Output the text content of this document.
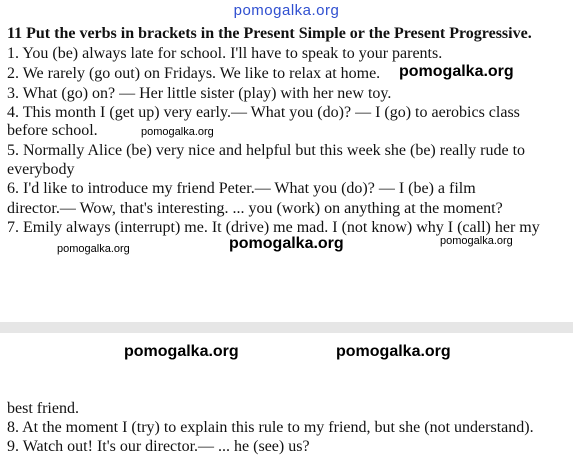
pomogalka.org
11 Put the verbs in brackets in the Present Simple or the Present Progressive.
1. You (be) always late for school. I'll have to speak to your parents.
2. We rarely (go out) on Fridays. We like to relax at home.
3. What (go) on? — Her little sister (play) with her new toy.
4. This month I (get up) very early.— What you (do)? — I (go) to aerobics class
before school.
5. Normally Alice (be) very nice and helpful but this week she (be) really rude to
everybody
6. I'd like to introduce my friend Peter.— What you (do)? — I (be) a film
director.— Wow, that's interesting. ... you (work) on anything at the moment?
7. Emily always (interrupt) me. It (drive) me mad. I (not know) why I (call) her my
pomogalka.org
pomogalka.org
pomogalka.org	pomogalka.org	pomogalka.org
pomogalka.org	pomogalka.org
best friend.
8. At the moment I (try) to explain this rule to my friend, but she (not understand).
9. Watch out! It's our director.— ... he (see) us?
